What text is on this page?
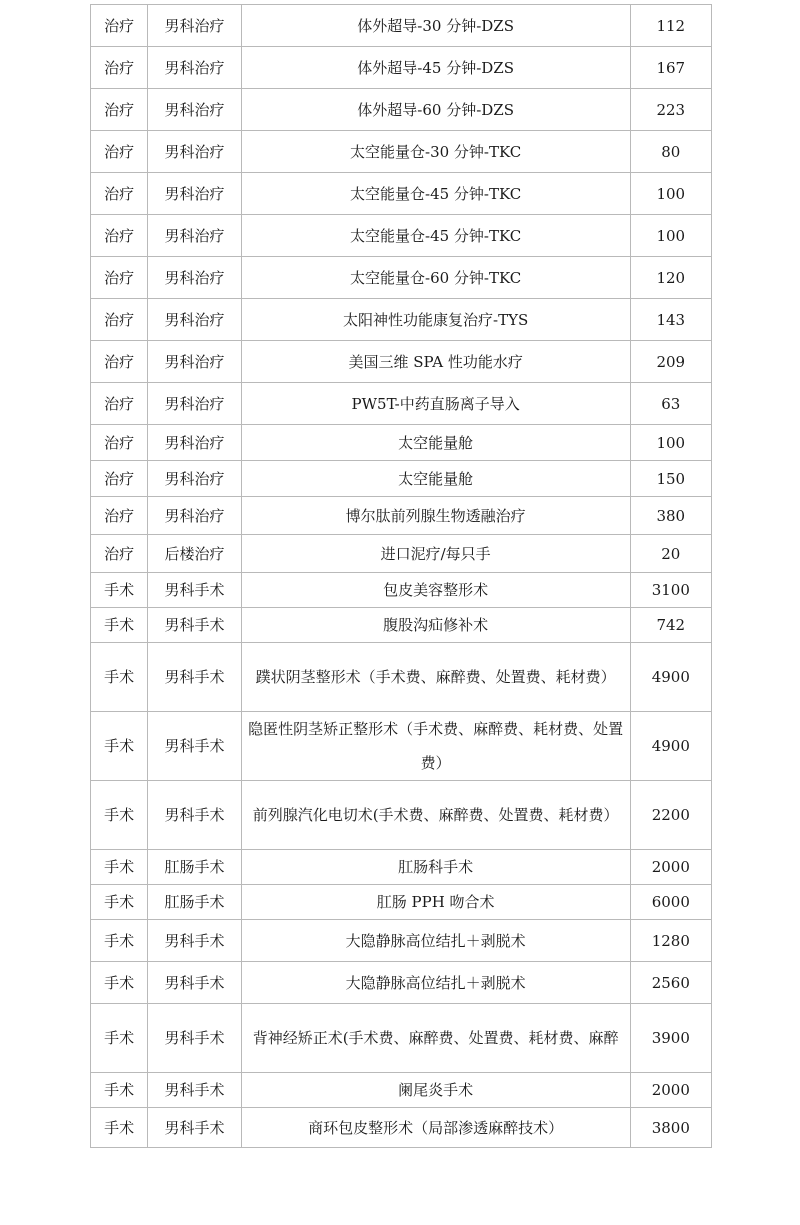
治疗	男科治疗	体外超导-30 分钟-DZS	112
治疗	男科治疗	体外超导-45 分钟-DZS	167
治疗	男科治疗	体外超导-60 分钟-DZS	223
治疗	男科治疗	太空能量仓-30 分钟-TKC	80
治疗	男科治疗	太空能量仓-45 分钟-TKC	100
治疗	男科治疗	太空能量仓-45 分钟-TKC	100
治疗	男科治疗	太空能量仓-60 分钟-TKC	120
治疗	男科治疗	太阳神性功能康复治疗-TYS	143
治疗	男科治疗	美国三维 SPA 性功能水疗	209
治疗	男科治疗	PW5T-中药直肠离子导入	63
治疗	男科治疗	太空能量舱	100
治疗	男科治疗	太空能量舱	150
治疗	男科治疗	博尔肽前列腺生物透融治疗	380
治疗	后楼治疗	进口泥疗/每只手	20
手术	男科手术	包皮美容整形术	3100
手术	男科手术	腹股沟疝修补术	742
手术	男科手术	蹼状阴茎整形术（手术费、麻醉费、处置费、耗材费）	4900
手术	男科手术	隐匿性阴茎矫正整形术（手术费、麻醉费、耗材费、处置费）	4900
手术	男科手术	前列腺汽化电切术(手术费、麻醉费、处置费、耗材费）	2200
手术	肛肠手术	肛肠科手术	2000
手术	肛肠手术	肛肠 PPH 吻合术	6000
手术	男科手术	大隐静脉高位结扎＋剥脱术	1280
手术	男科手术	大隐静脉高位结扎＋剥脱术	2560
手术	男科手术	背神经矫正术(手术费、麻醉费、处置费、耗材费、麻醉	3900
手术	男科手术	阑尾炎手术	2000
手术	男科手术	商环包皮整形术（局部渗透麻醉技术）	3800
